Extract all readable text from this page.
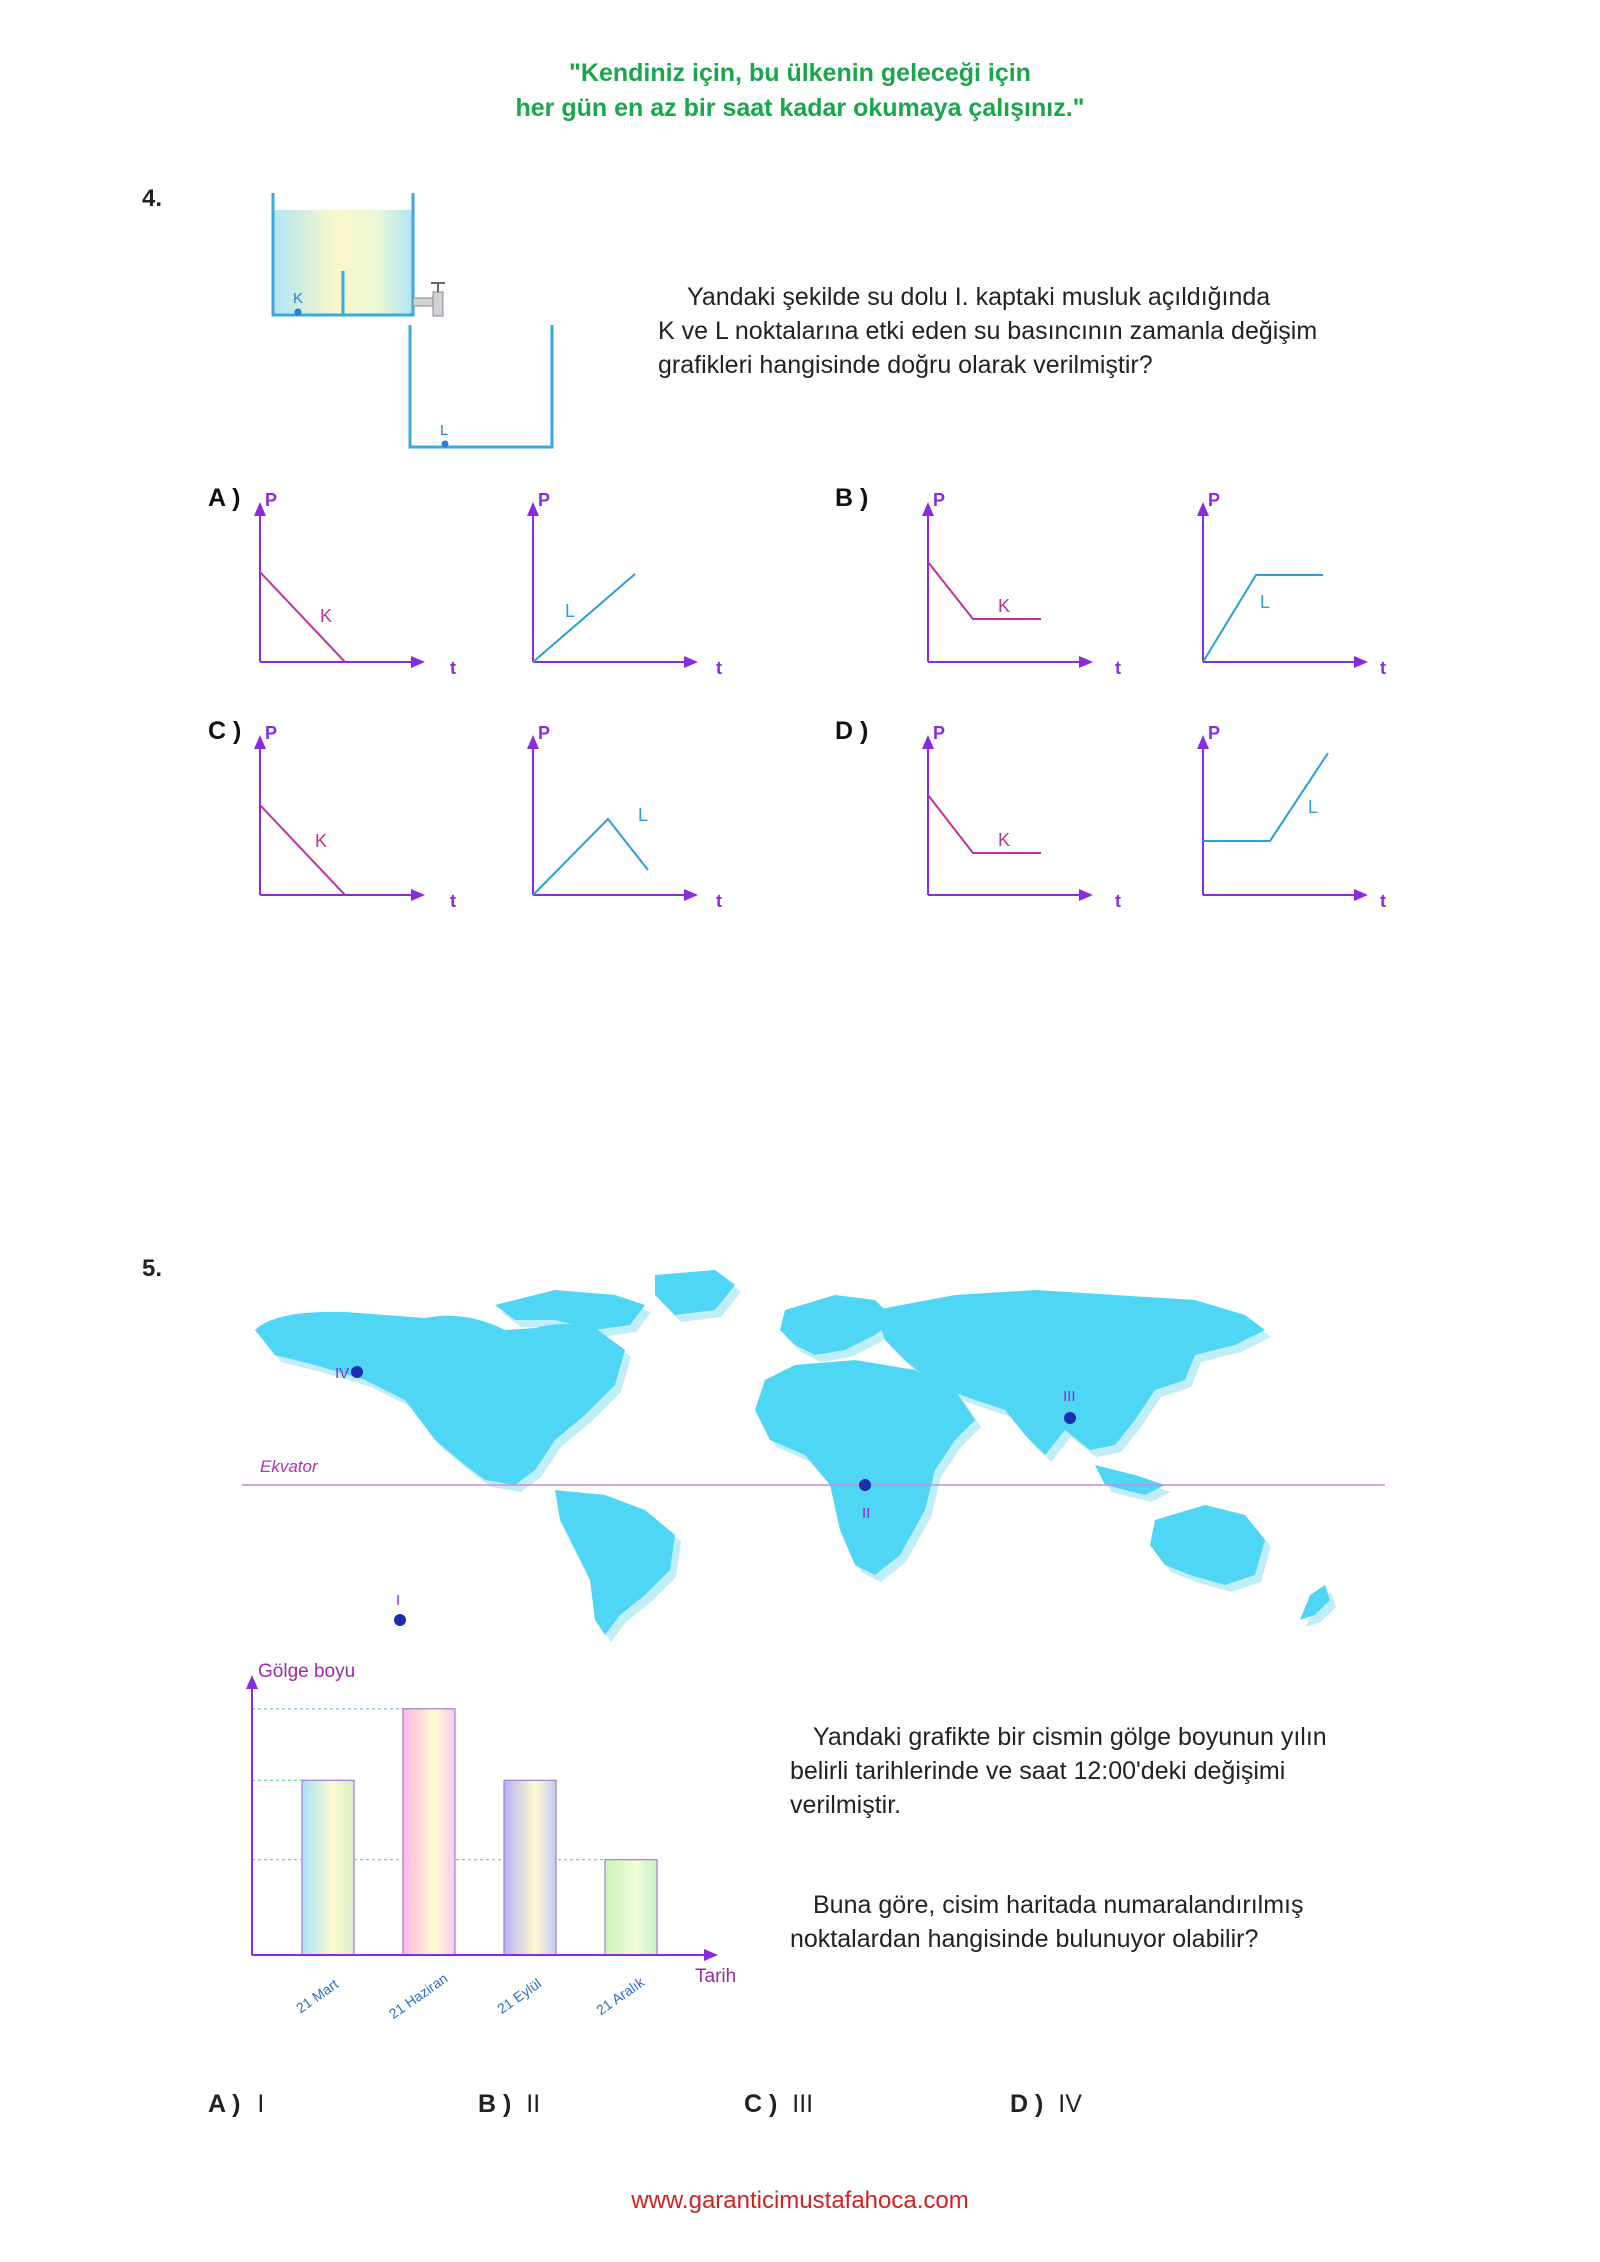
"Kendiniz için, bu ülkenin geleceği için
her gün en az bir saat kadar okumaya çalışınız."
4.
K
L
Yandaki şekilde su dolu I. kaptaki musluk açıldığında
K ve L noktalarına etki eden su basıncının zamanla değişim
grafikleri hangisinde doğru olarak verilmiştir?
A )	B )
C )	D )
P
t
K
P
t
L
P
t
K
P
t
L
P
t
K
P
t
L
P
t
K
P
t
L
5.
Ekvator
I
II
III
IV
Gölge boyu
Tarih
21 Mart	21 Haziran	21 Eylül	21 Aralık
Yandaki grafikte bir cismin gölge boyunun yılın
belirli tarihlerinde ve saat 12:00'deki değişimi
verilmiştir.
Buna göre, cisim haritada numaralandırılmış
noktalardan hangisinde bulunuyor olabilir?
A ) I	B ) II	C ) III	D ) IV
www.garanticimustafahoca.com
